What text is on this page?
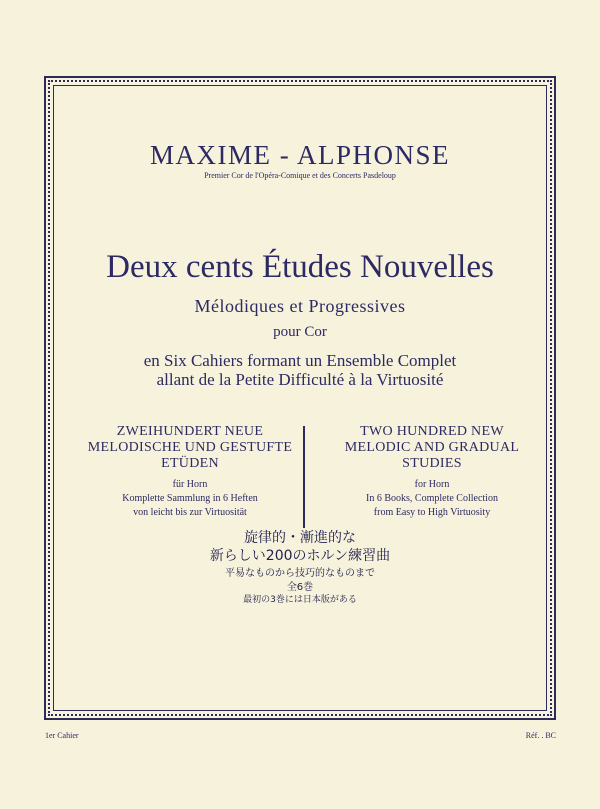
MAXIME - ALPHONSE
Premier Cor de l'Opéra-Comique et des Concerts Pasdeloup
Deux cents Études Nouvelles
Mélodiques et Progressives
pour Cor
en Six Cahiers formant un Ensemble Complet
allant de la Petite Difficulté à la Virtuosité
ZWEIHUNDERT NEUE
MELODISCHE UND GESTUFTE
ETÜDEN
für Horn
Komplette Sammlung in 6 Heften
von leicht bis zur Virtuosität
TWO HUNDRED NEW
MELODIC AND GRADUAL
STUDIES
for Horn
In 6 Books, Complete Collection
from Easy to High Virtuosity
旋律的・漸進的な
新らしい200のホルン練習曲
平易なものから技巧的なものまで
全6巻
最初の3巻には日本版がある
1er Cahier	Réf. . BC
